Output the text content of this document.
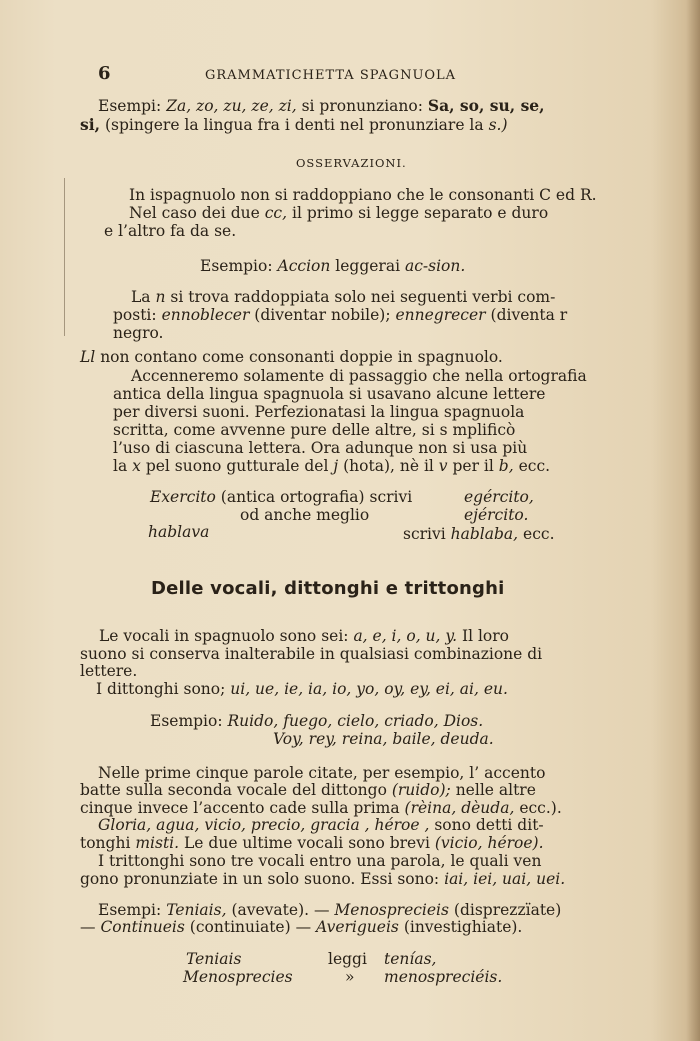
6	GRAMMATICHETTA SPAGNUOLA
Esempi: Za, zo, zu, ze, zi, si pronunziano: Sa, so, su, se,
si, (spingere la lingua fra i denti nel pronunziare la s.)
OSSERVAZIONI.
In ispagnuolo non si raddoppiano che le consonanti C ed R.
Nel caso dei due cc, il primo si legge separato e duro
e l’altro fa da se.
Esempio: Accion leggerai ac-sion.
La n si trova raddoppiata solo nei seguenti verbi com-
posti: ennoblecer (diventar nobile); ennegrecer (diventa r
negro.
Ll non contano come consonanti doppie in spagnuolo.
Accenneremo solamente di passaggio che nella ortografia
antica della lingua spagnuola si usavano alcune lettere
per diversi suoni. Perfezionatasi la lingua spagnuola
scritta, come avvenne pure delle altre, si s mplificò
l’uso di ciascuna lettera. Ora adunque non si usa più
la x pel suono gutturale del j (hota), nè il v per il b, ecc.
Exercito (antica ortografia) scrivi	egército,
od anche meglio	ejército.
hablava	scrivi hablaba, ecc.
Delle vocali, dittonghi e trittonghi
Le vocali in spagnuolo sono sei: a, e, i, o, u, y. Il loro
suono si conserva inalterabile in qualsiasi combinazione di
lettere.
I dittonghi sono; ui, ue, ie, ia, io, yo, oy, ey, ei, ai, eu.
Esempio: Ruido, fuego, cielo, criado, Dios.
Voy, rey, reina, baile, deuda.
Nelle prime cinque parole citate, per esempio, l’ accento
batte sulla seconda vocale del dittongo (ruido); nelle altre
cinque invece l’accento cade sulla prima (rèina, dèuda, ecc.).
Gloria, agua, vicio, precio, gracia , héroe , sono detti dit-
tonghi misti. Le due ultime vocali sono brevi (vicio, héroe).
I trittonghi sono tre vocali entro una parola, le quali ven
gono pronunziate in un solo suono. Essi sono: iai, iei, uai, uei.
Esempi: Teniais, (avevate). — Menosprecieis (disprezzïate)
— Continueis (continuiate) — Averigueis (investighiate).
Teniais	leggi tenías,
Menosprecies	» menospreciéis.
